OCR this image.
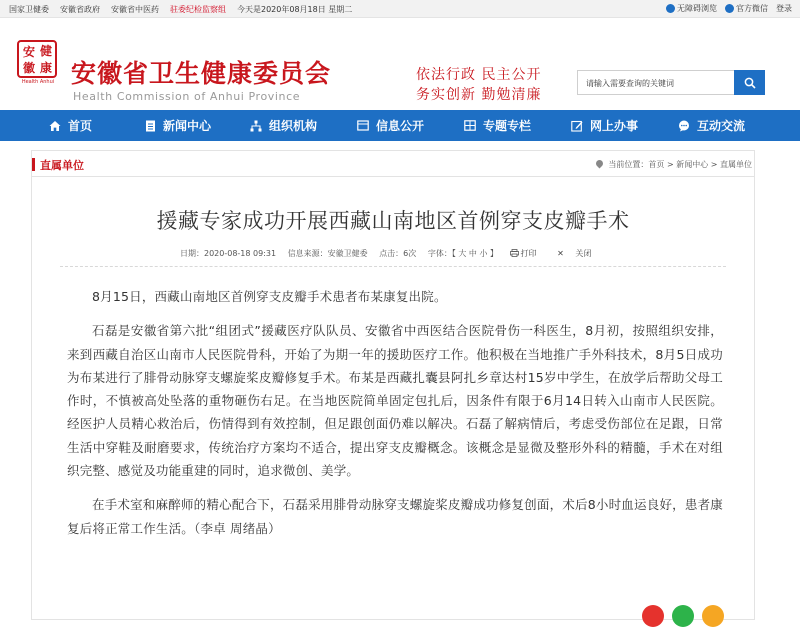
国家卫健委 安徽省政府 安徽省中医药 驻委纪检监察组 今天是2020年08月18日 星期二	无障碍浏览	官方微信 登录
安 健
徽 康
Health Anhui 安徽省卫生健康委员会
Health Commission of Anhui Province
依法行政 民主公开
务实创新 勤勉清廉
请输入需要查询的关键词
首页	新闻中心	组织机构	信息公开	专题专栏	网上办事	互动交流
直属单位	当前位置：首页 > 新闻中心 > 直属单位
援藏专家成功开展西藏山南地区首例穿支皮瓣手术
日期：2020-08-18 09:31 信息来源：安徽卫健委 点击：6次 字体：【 大 中 小 】	打印	✕ 关闭

8月15日，西藏山南地区首例穿支皮瓣手术患者布某康复出院。

石磊是安徽省第六批“组团式”援藏医疗队队员、安徽省中西医结合医院骨伤一科医生，8月初，按照组织安排，来到西藏自治区山南市人民医院骨科，开始了为期一年的援助医疗工作。他积极在当地推广手外科技术，8月5日成功为布某进行了腓骨动脉穿支螺旋桨皮瓣修复手术。布某是西藏扎囊县阿扎乡章达村15岁中学生，在放学后帮助父母工作时，不慎被高处坠落的重物砸伤右足。在当地医院简单固定包扎后，因条件有限于6月14日转入山南市人民医院。经医护人员精心救治后，伤情得到有效控制，但足跟创面仍难以解决。石磊了解病情后，考虑受伤部位在足跟，日常生活中穿鞋及耐磨要求，传统治疗方案均不适合，提出穿支皮瓣概念。该概念是显微及整形外科的精髓，手术在对组织完整、感觉及功能重建的同时，追求微创、美学。

在手术室和麻醉师的精心配合下，石磊采用腓骨动脉穿支螺旋桨皮瓣成功修复创面，术后8小时血运良好，患者康复后将正常工作生活。（李卓 周绪晶）
